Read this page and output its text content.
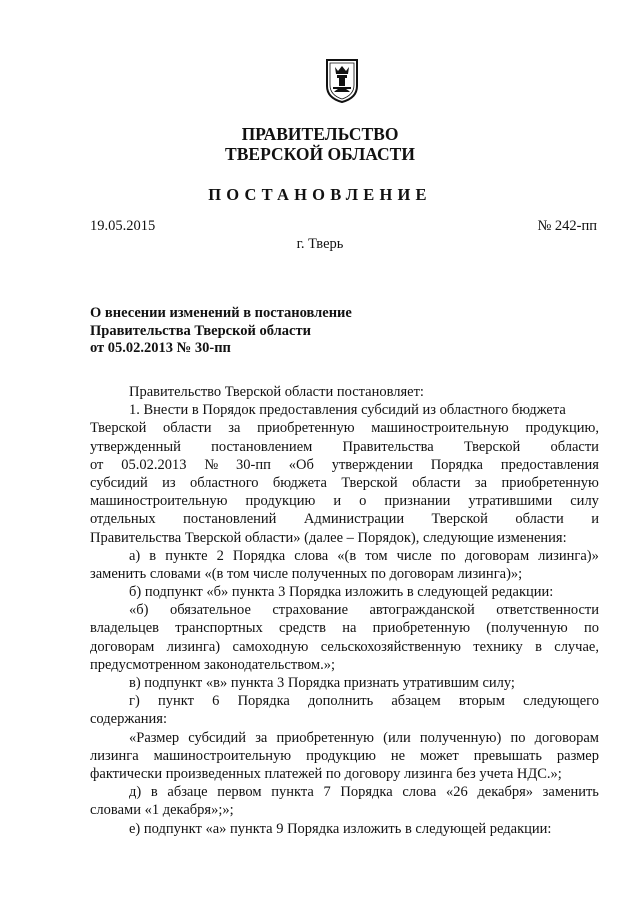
ПРАВИТЕЛЬСТВО
ТВЕРСКОЙ ОБЛАСТИ
ПОСТАНОВЛЕНИЕ
19.05.2015	№ 242-пп
г. Тверь
О внесении изменений в постановление
Правительства Тверской области
от 05.02.2013 № 30-пп
Правительство Тверской области постановляет:
1. Внести в Порядок предоставления субсидий из областного бюджета
Тверской области за приобретенную машиностроительную продукцию,
утвержденный постановлением Правительства Тверской области
от 05.02.2013 № 30-пп «Об утверждении Порядка предоставления
субсидий из областного бюджета Тверской области за приобретенную
машиностроительную продукцию и о признании утратившими силу
отдельных постановлений Администрации Тверской области и
Правительства Тверской области» (далее – Порядок), следующие изменения:
а) в пункте 2 Порядка слова «(в том числе по договорам лизинга)»
заменить словами «(в том числе полученных по договорам лизинга)»;
б) подпункт «б» пункта 3 Порядка изложить в следующей редакции:
«б) обязательное страхование автогражданской ответственности
владельцев транспортных средств на приобретенную (полученную по
договорам лизинга) самоходную сельскохозяйственную технику в случае,
предусмотренном законодательством.»;
в) подпункт «в» пункта 3 Порядка признать утратившим силу;
г) пункт 6 Порядка дополнить абзацем вторым следующего
содержания:
«Размер субсидий за приобретенную (или полученную) по договорам
лизинга машиностроительную продукцию не может превышать размер
фактически произведенных платежей по договору лизинга без учета НДС.»;
д) в абзаце первом пункта 7 Порядка слова «26 декабря» заменить
словами «1 декабря»;»;
е) подпункт «а» пункта 9 Порядка изложить в следующей редакции:
